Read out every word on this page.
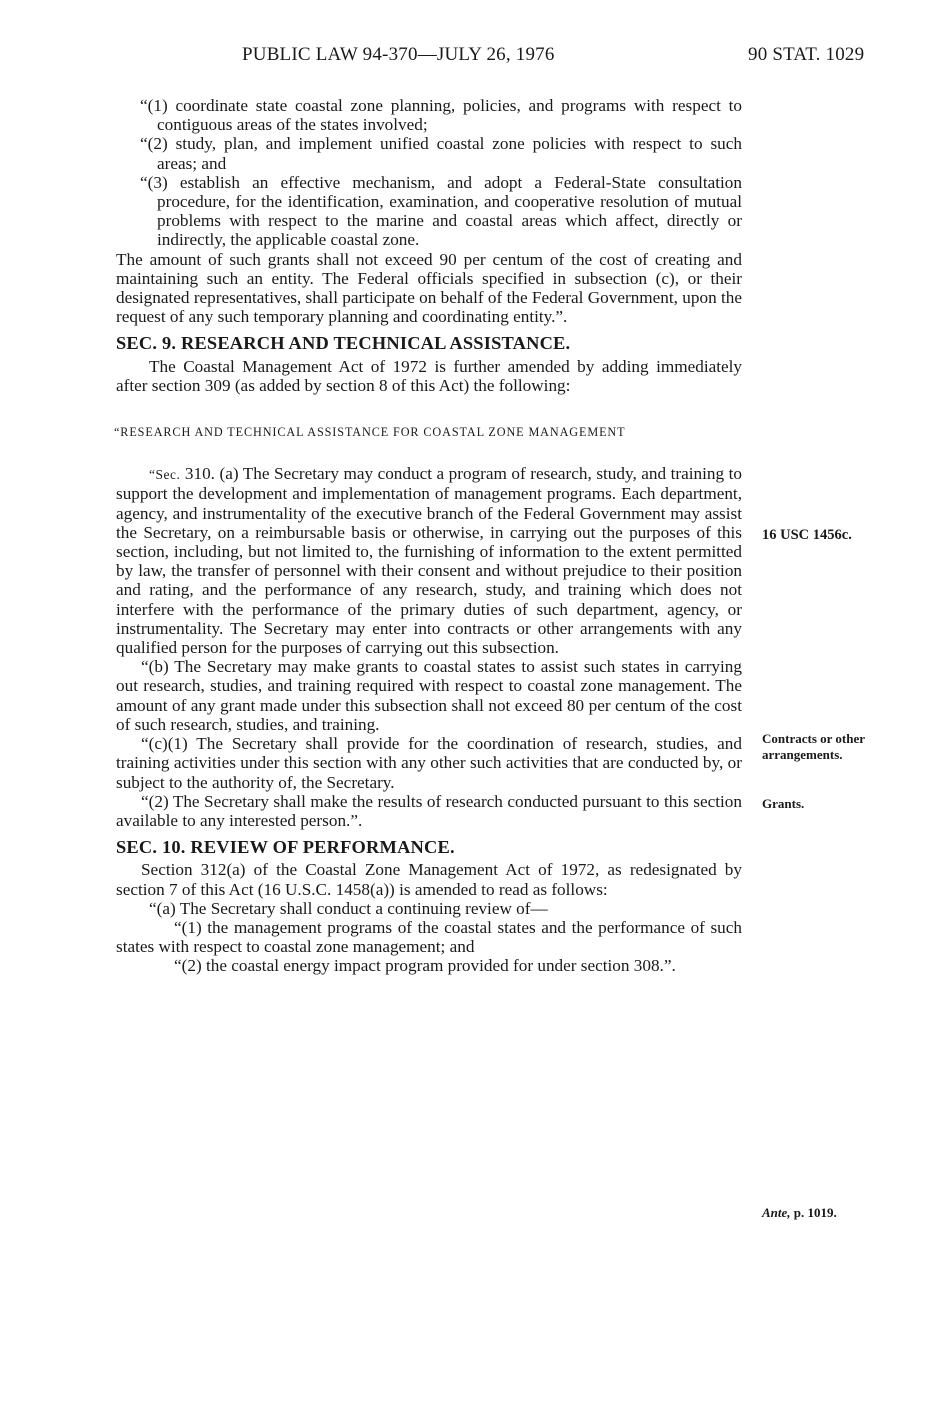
PUBLIC LAW 94-370—JULY 26, 1976	90 STAT. 1029

“(1) coordinate state coastal zone planning, policies, and programs with respect to contiguous areas of the states involved;

“(2) study, plan, and implement unified coastal zone policies with respect to such areas; and

“(3) establish an effective mechanism, and adopt a Federal-State consultation procedure, for the identification, examination, and cooperative resolution of mutual problems with respect to the marine and coastal areas which affect, directly or indirectly, the applicable coastal zone.

The amount of such grants shall not exceed 90 per centum of the cost of creating and maintaining such an entity. The Federal officials specified in subsection (c), or their designated representatives, shall participate on behalf of the Federal Government, upon the request of any such temporary planning and coordinating entity.”.

SEC. 9. RESEARCH AND TECHNICAL ASSISTANCE.

The Coastal Management Act of 1972 is further amended by adding immediately after section 309 (as added by section 8 of this Act) the following:

“RESEARCH AND TECHNICAL ASSISTANCE FOR COASTAL ZONE MANAGEMENT

“Sec. 310. (a) The Secretary may conduct a program of research, study, and training to support the development and implementation of management programs. Each department, agency, and instrumentality of the executive branch of the Federal Government may assist the Secretary, on a reimbursable basis or otherwise, in carrying out the purposes of this section, including, but not limited to, the furnishing of information to the extent permitted by law, the transfer of personnel with their consent and without prejudice to their position and rating, and the performance of any research, study, and training which does not interfere with the performance of the primary duties of such department, agency, or instrumentality. The Secretary may enter into contracts or other arrangements with any qualified person for the purposes of carrying out this subsection.

“(b) The Secretary may make grants to coastal states to assist such states in carrying out research, studies, and training required with respect to coastal zone management. The amount of any grant made under this subsection shall not exceed 80 per centum of the cost of such research, studies, and training.

“(c)(1) The Secretary shall provide for the coordination of research, studies, and training activities under this section with any other such activities that are conducted by, or subject to the authority of, the Secretary.

“(2) The Secretary shall make the results of research conducted pursuant to this section available to any interested person.”.

SEC. 10. REVIEW OF PERFORMANCE.

Section 312(a) of the Coastal Zone Management Act of 1972, as redesignated by section 7 of this Act (16 U.S.C. 1458(a)) is amended to read as follows:

“(a) The Secretary shall conduct a continuing review of—

“(1) the management programs of the coastal states and the performance of such states with respect to coastal zone management; and

“(2) the coastal energy impact program provided for under section 308.”.

16 USC 1456c.
Contracts or other
arrangements.
Grants.
Ante, p. 1019.
